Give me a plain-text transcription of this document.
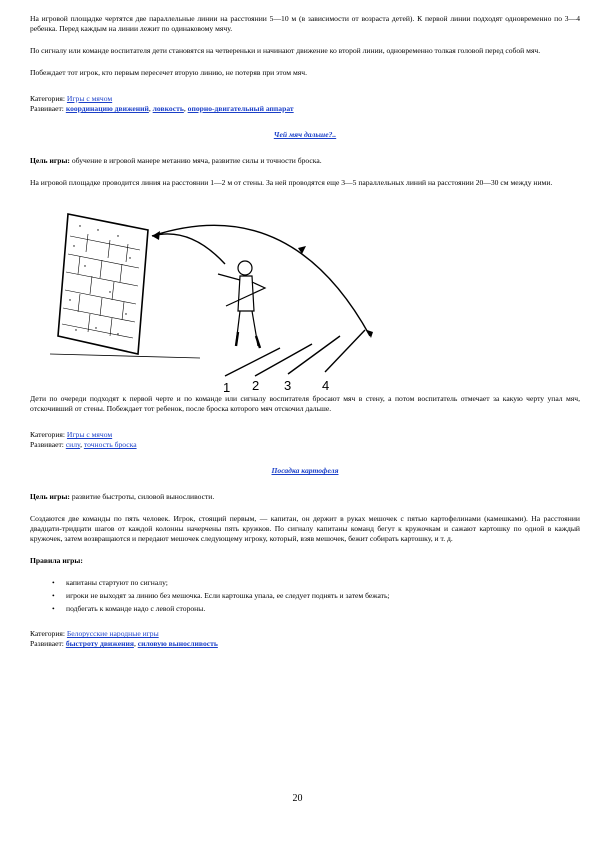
На игровой площадке чертятся две параллельные линии на расстоянии 5—10 м (в зависимости от возраста детей). К первой линии подходят одновременно по 3—4 ребенка. Перед каждым на линии лежит по одинаковому мячу.

По сигналу или команде воспитателя дети становятся на четвереньки и начинают движение ко второй линии, одновременно толкая головой перед собой мяч.

Побеждает тот игрок, кто первым пересечет вторую линию, не потеряв при этом мяч.

Категория: Игры с мячом

Развивает: координацию движений, ловкость, опорно-двигательный аппарат

Чей мяч дальше?..

Цель игры: обучение в игровой манере метанию мяча, развитие силы и точности броска.

На игровой площадке проводится линия на расстоянии 1—2 м от стены. За ней проводятся еще 3—5 параллельных линий на расстоянии 20—30 см между ними.

1 2 3 4

Дети по очереди подходят к первой черте и по команде или сигналу воспитателя бросают мяч в стену, а потом воспитатель отмечает за какую черту упал мяч, отскочивший от стены. Побеждает тот ребенок, после броска которого мяч отскочил дальше.

Категория: Игры с мячом

Развивает: силу, точность броска

Посадка картофеля

Цель игры: развитие быстроты, силовой выносливости.

Создаются две команды по пять человек. Игрок, стоящий первым, — капитан, он держит в руках мешочек с пятью картофелинами (камешками). На расстоянии двадцати-тридцати шагов от каждой колонны начерчены пять кружков. По сигналу капитаны команд бегут к кружочкам и сажают картошку по одной в каждый кружочек, затем возвращаются и передают мешочек следующему игроку, который, взяв мешочек, бежит собирать картошку, и т. д.

Правила игры:

• капитаны стартуют по сигналу;
• игроки не выходят за линию без мешочка. Если картошка упала, ее следует поднять и затем бежать;
• подбегать к команде надо с левой стороны.

Категория: Белорусские народные игры

Развивает: быстроту движения, силовую выносливость

20
